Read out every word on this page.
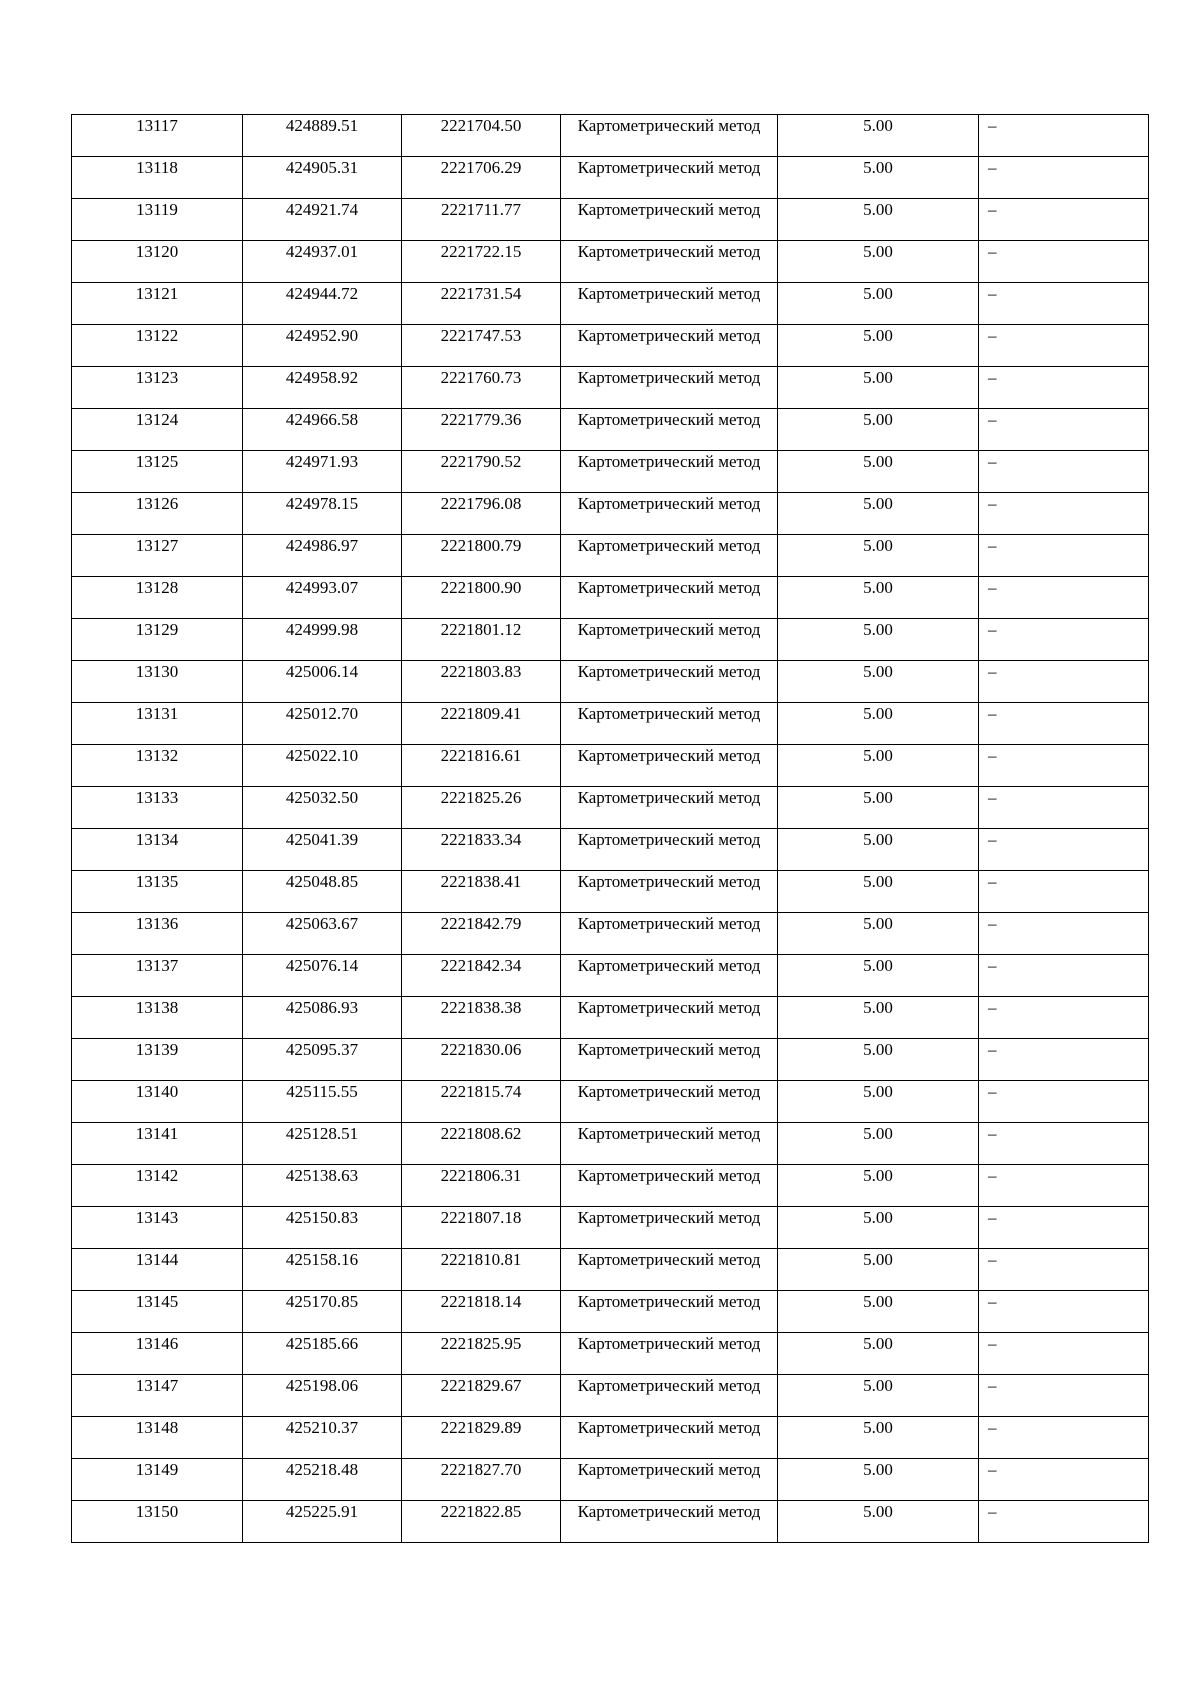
13117	424889.51	2221704.50	Картометрический метод	5.00	–
13118	424905.31	2221706.29	Картометрический метод	5.00	–
13119	424921.74	2221711.77	Картометрический метод	5.00	–
13120	424937.01	2221722.15	Картометрический метод	5.00	–
13121	424944.72	2221731.54	Картометрический метод	5.00	–
13122	424952.90	2221747.53	Картометрический метод	5.00	–
13123	424958.92	2221760.73	Картометрический метод	5.00	–
13124	424966.58	2221779.36	Картометрический метод	5.00	–
13125	424971.93	2221790.52	Картометрический метод	5.00	–
13126	424978.15	2221796.08	Картометрический метод	5.00	–
13127	424986.97	2221800.79	Картометрический метод	5.00	–
13128	424993.07	2221800.90	Картометрический метод	5.00	–
13129	424999.98	2221801.12	Картометрический метод	5.00	–
13130	425006.14	2221803.83	Картометрический метод	5.00	–
13131	425012.70	2221809.41	Картометрический метод	5.00	–
13132	425022.10	2221816.61	Картометрический метод	5.00	–
13133	425032.50	2221825.26	Картометрический метод	5.00	–
13134	425041.39	2221833.34	Картометрический метод	5.00	–
13135	425048.85	2221838.41	Картометрический метод	5.00	–
13136	425063.67	2221842.79	Картометрический метод	5.00	–
13137	425076.14	2221842.34	Картометрический метод	5.00	–
13138	425086.93	2221838.38	Картометрический метод	5.00	–
13139	425095.37	2221830.06	Картометрический метод	5.00	–
13140	425115.55	2221815.74	Картометрический метод	5.00	–
13141	425128.51	2221808.62	Картометрический метод	5.00	–
13142	425138.63	2221806.31	Картометрический метод	5.00	–
13143	425150.83	2221807.18	Картометрический метод	5.00	–
13144	425158.16	2221810.81	Картометрический метод	5.00	–
13145	425170.85	2221818.14	Картометрический метод	5.00	–
13146	425185.66	2221825.95	Картометрический метод	5.00	–
13147	425198.06	2221829.67	Картометрический метод	5.00	–
13148	425210.37	2221829.89	Картометрический метод	5.00	–
13149	425218.48	2221827.70	Картометрический метод	5.00	–
13150	425225.91	2221822.85	Картометрический метод	5.00	–
